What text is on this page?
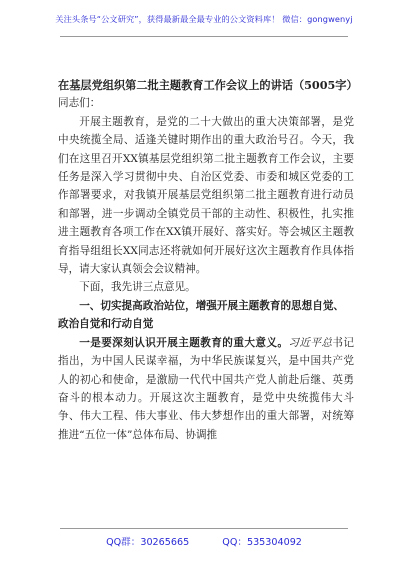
关注头条号“公文研究”，获得最新最全最专业的公文资料库！ 微信：gongwenyj

在基层党组织第二批主题教育工作会议上的讲话（5005字）

同志们：

开展主题教育，是党的二十大做出的重大决策部署，是党中央统揽全局、适逢关键时期作出的重大政治号召。今天，我们在这里召开XX镇基层党组织第二批主题教育工作会议，主要任务是深入学习贯彻中央、自治区党委、市委和城区党委的工作部署要求，对我镇开展基层党组织第二批主题教育进行动员和部署，进一步调动全镇党员干部的主动性、积极性，扎实推进主题教育各项工作在XX镇开展好、落实好。等会城区主题教育指导组组长XX同志还将就如何开展好这次主题教育作具体指导，请大家认真领会会议精神。

下面，我先讲三点意见。

一、切实提高政治站位，增强开展主题教育的思想自觉、政治自觉和行动自觉

一是要深刻认识开展主题教育的重大意义。习近平总书记指出，为中国人民谋幸福，为中华民族谋复兴，是中国共产党人的初心和使命，是激励一代代中国共产党人前赴后继、英勇奋斗的根本动力。开展这次主题教育，是党中央统揽伟大斗争、伟大工程、伟大事业、伟大梦想作出的重大部署，对统筹推进“五位一体”总体布局、协调推

QQ群：30265665	QQ：535304092
